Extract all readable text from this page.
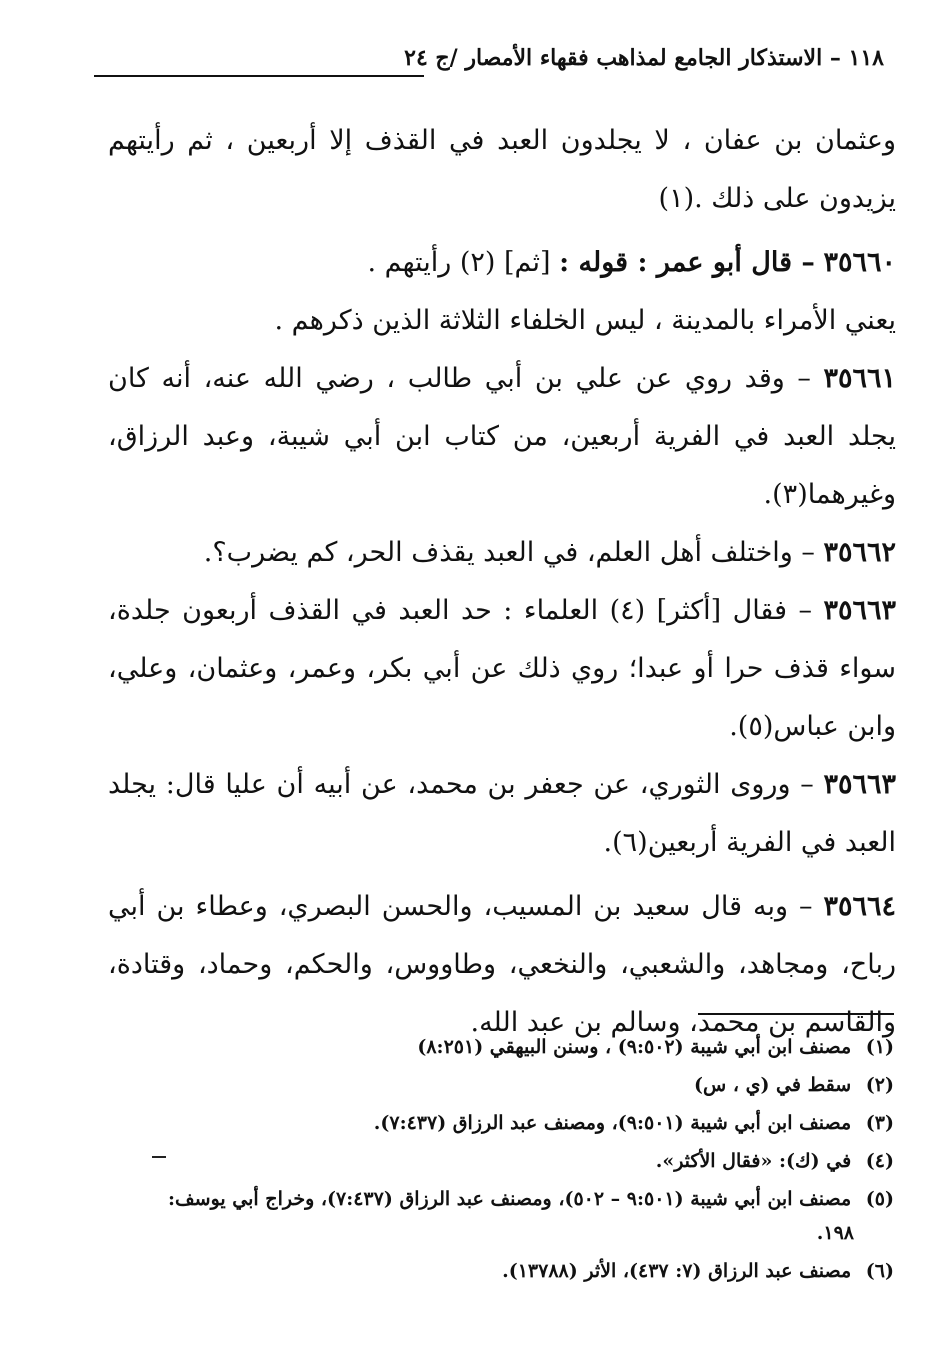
١١٨ – الاستذكار الجامع لمذاهب فقهاء الأمصار /ج ٢٤

وعثمان بن عفان ، لا يجلدون العبد في القذف إلا أربعين ، ثم رأيتهم يزيدون على ذلك .(١)

٣٥٦٦٠ – قال أبو عمر : قوله : [ثم] (٢) رأيتهم .

يعني الأمراء بالمدينة ، ليس الخلفاء الثلاثة الذين ذكرهم .

٣٥٦٦١ – وقد روي عن علي بن أبي طالب ، رضي الله عنه، أنه كان يجلد العبد في الفرية أربعين، من كتاب ابن أبي شيبة، وعبد الرزاق، وغيرهما(٣).

٣٥٦٦٢ – واختلف أهل العلم، في العبد يقذف الحر، كم يضرب؟.

٣٥٦٦٣ – فقال [أكثر] (٤) العلماء : حد العبد في القذف أربعون جلدة، سواء قذف حرا أو عبدا؛ روي ذلك عن أبي بكر، وعمر، وعثمان، وعلي، وابن عباس(٥).

٣٥٦٦٣ – وروى الثوري، عن جعفر بن محمد، عن أبيه أن عليا قال: يجلد العبد في الفرية أربعين(٦).

٣٥٦٦٤ – وبه قال سعيد بن المسيب، والحسن البصري، وعطاء بن أبي رباح، ومجاهد، والشعبي، والنخعي، وطاووس، والحكم، وحماد، وقتادة، والقاسم بن محمد، وسالم بن عبد الله.

(١) مصنف ابن أبي شيبة (٩:٥٠٢) ، وسنن البيهقي (٨:٢٥١)

(٢) سقط في (ي ، س)

(٣) مصنف ابن أبي شيبة (٩:٥٠١)، ومصنف عبد الرزاق (٧:٤٣٧).

(٤) في (ك): «فقال الأكثر».

(٥) مصنف ابن أبي شيبة (٩:٥٠١ – ٥٠٢)، ومصنف عبد الرزاق (٧:٤٣٧)، وخراج أبي يوسف:
١٩٨.

(٦) مصنف عبد الرزاق (٧: ٤٣٧)، الأثر (١٣٧٨٨).
